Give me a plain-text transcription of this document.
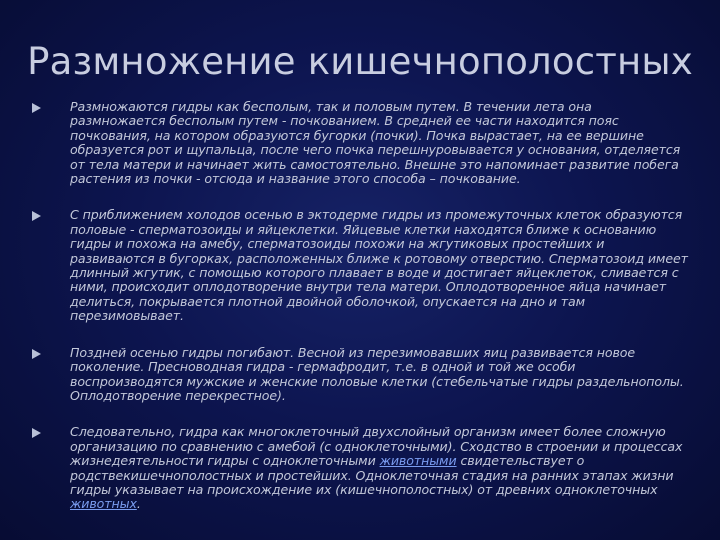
Размножение кишечнополостных
Размножаются гидры как бесполым, так и половым путем. В течении лета она размножается бесполым путем - почкованием. В средней ее части находится пояс почкования, на котором образуются бугорки (почки). Почка вырастает, на ее вершине образуется рот и щупальца, после чего почка перешнуровывается у основания, отделяется от тела матери и начинает жить самостоятельно. Внешне это напоминает развитие побега растения из почки - отсюда и название этого способа – почкование.
С приближением холодов осенью в эктодерме гидры из промежуточных клеток образуются половые - сперматозоиды и яйцеклетки. Яйцевые клетки находятся ближе к основанию гидры и похожа на амебу, сперматозоиды похожи на жгутиковых простейших и развиваются в бугорках, расположенных ближе к ротовому отверстию. Сперматозоид имеет длинный жгутик, с помощью которого плавает в воде и достигает яйцеклеток, сливается с ними, происходит оплодотворение внутри тела матери. Оплодотворенное яйца начинает делиться, покрывается плотной двойной оболочкой, опускается на дно и там перезимовывает.
Поздней осенью гидры погибают. Весной из перезимовавших яиц развивается новое поколение. Пресноводная гидра - гермафродит, т.е. в одной и той же особи воспроизводятся мужские и женские половые клетки (стебельчатые гидры раздельнополы. Оплодотворение перекрестное).
Следовательно, гидра как многоклеточный двухслойный организм имеет более сложную организацию по сравнению с амебой (с одноклеточными). Сходство в строении и процессах жизнедеятельности гидры с одноклеточными животными свидетельствует о родствекишечнополостных и простейших. Одноклеточная стадия на ранних этапах жизни гидры указывает на происхождение их (кишечнополостных) от древних одноклеточных животных.
